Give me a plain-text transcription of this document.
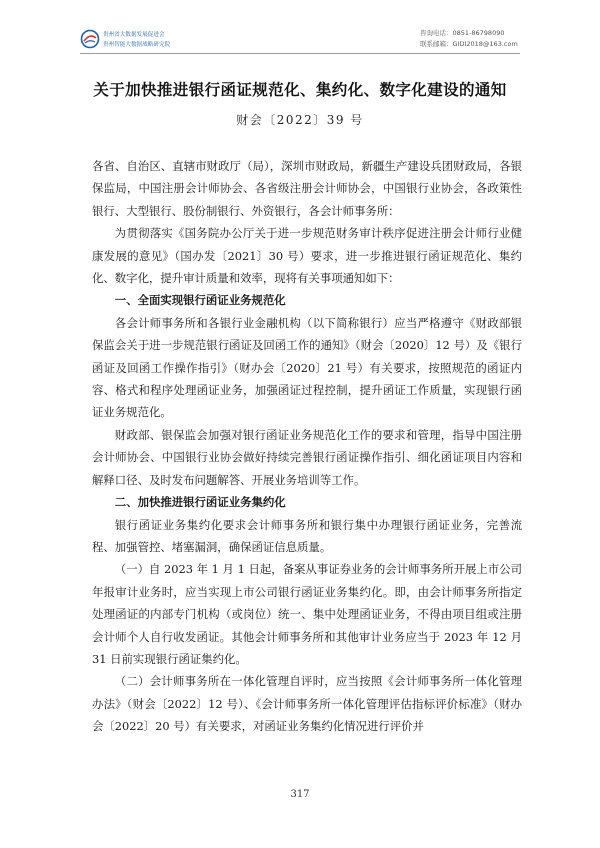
贵州省大数据发展促进会
贵州智能大数据战略研究院
咨询电话：0851-86798090
联系邮箱：GIDI2018@163.com
关于加快推进银行函证规范化、集约化、数字化建设的通知
财会〔2022〕39 号

各省、自治区、直辖市财政厅（局），深圳市财政局，新疆生产建设兵团财政局，各银保监局，中国注册会计师协会、各省级注册会计师协会，中国银行业协会，各政策性银行、大型银行、股份制银行、外资银行，各会计师事务所：

为贯彻落实《国务院办公厅关于进一步规范财务审计秩序促进注册会计师行业健康发展的意见》（国办发〔2021〕30 号）要求，进一步推进银行函证规范化、集约化、数字化，提升审计质量和效率，现将有关事项通知如下：

一、全面实现银行函证业务规范化

各会计师事务所和各银行业金融机构（以下简称银行）应当严格遵守《财政部银保监会关于进一步规范银行函证及回函工作的通知》（财会〔2020〕12 号）及《银行函证及回函工作操作指引》（财办会〔2020〕21 号）有关要求，按照规范的函证内容、格式和程序处理函证业务，加强函证过程控制，提升函证工作质量，实现银行函证业务规范化。

财政部、银保监会加强对银行函证业务规范化工作的要求和管理，指导中国注册会计师协会、中国银行业协会做好持续完善银行函证操作指引、细化函证项目内容和解释口径、及时发布问题解答、开展业务培训等工作。

二、加快推进银行函证业务集约化

银行函证业务集约化要求会计师事务所和银行集中办理银行函证业务，完善流程、加强管控、堵塞漏洞，确保函证信息质量。

（一）自 2023 年 1 月 1 日起，备案从事证券业务的会计师事务所开展上市公司年报审计业务时，应当实现上市公司银行函证业务集约化。即，由会计师事务所指定处理函证的内部专门机构（或岗位）统一、集中处理函证业务，不得由项目组或注册会计师个人自行收发函证。其他会计师事务所和其他审计业务应当于 2023 年 12 月 31 日前实现银行函证集约化。

（二）会计师事务所在一体化管理自评时，应当按照《会计师事务所一体化管理办法》（财会〔2022〕12 号）、《会计师事务所一体化管理评估指标评价标准》（财办会〔2022〕20 号）有关要求，对函证业务集约化情况进行评价并

317
